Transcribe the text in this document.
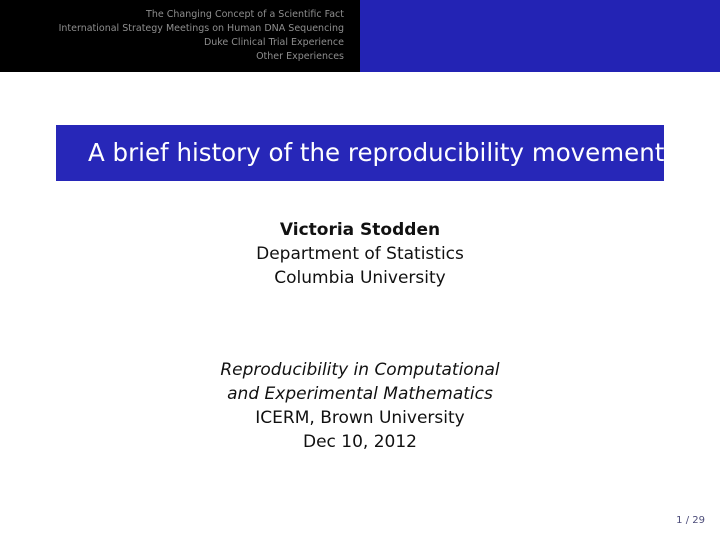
The Changing Concept of a Scientific Fact
International Strategy Meetings on Human DNA Sequencing
Duke Clinical Trial Experience
Other Experiences
A brief history of the reproducibility movement
Victoria Stodden
Department of Statistics
Columbia University
Reproducibility in Computational
and Experimental Mathematics
ICERM, Brown University
Dec 10, 2012
1 / 29
